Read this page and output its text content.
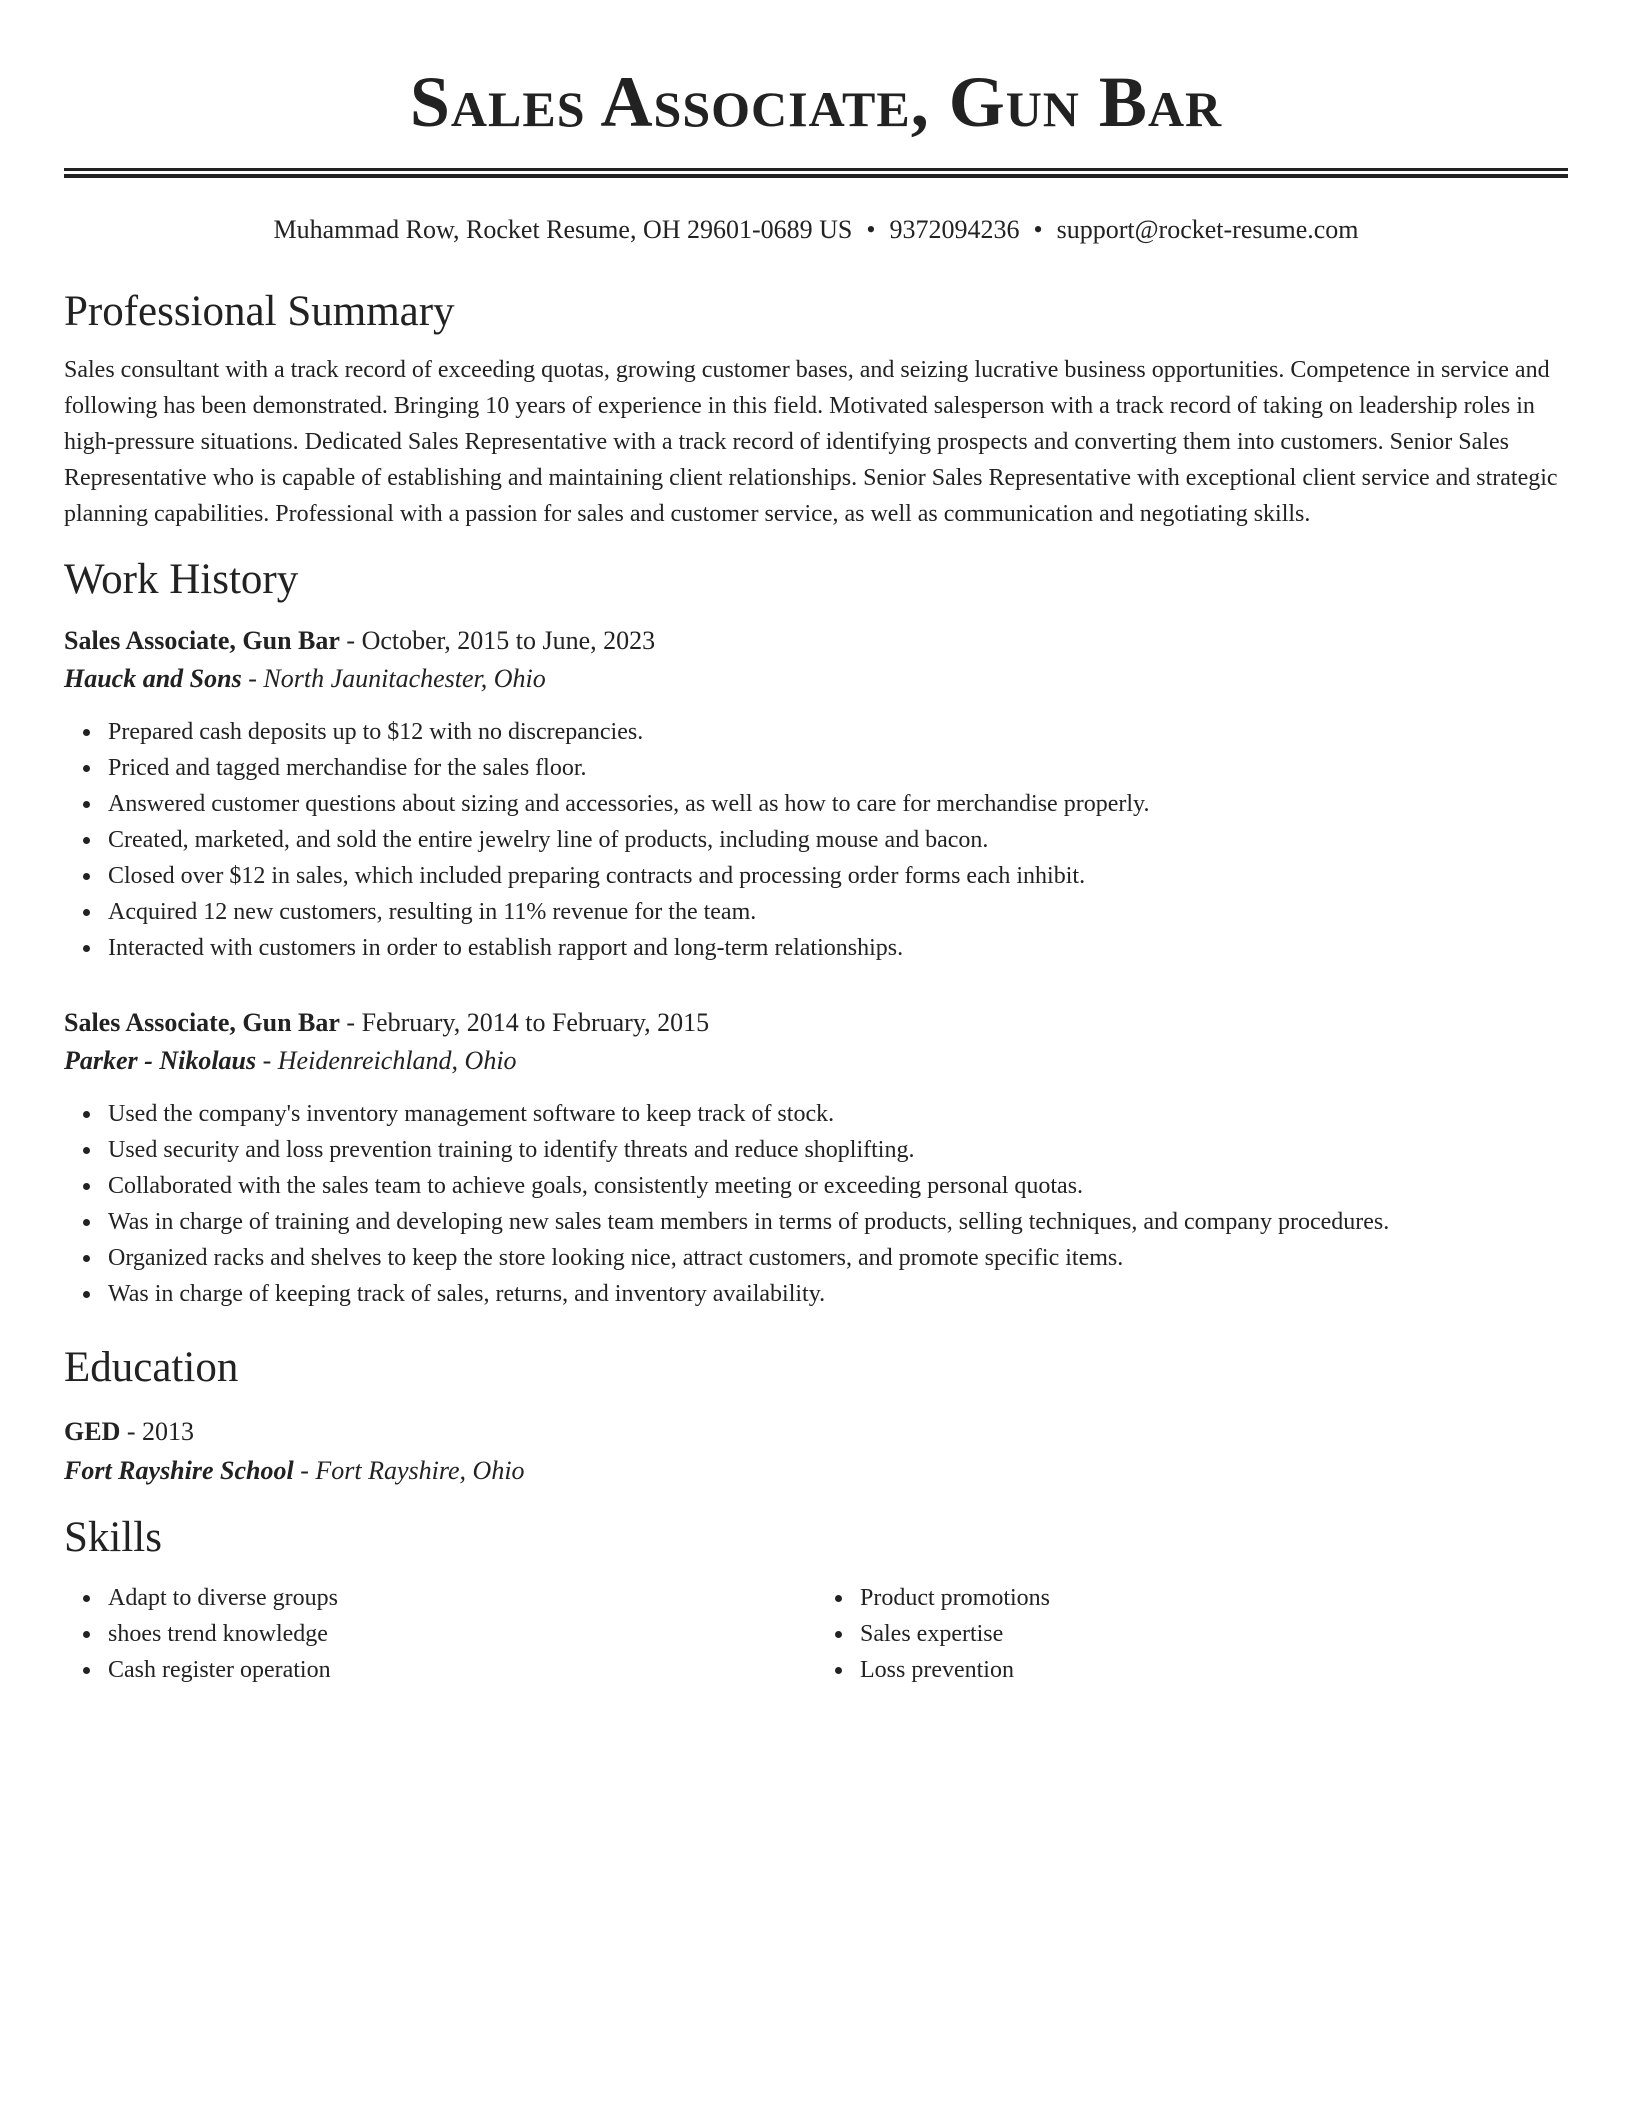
Sales Associate, Gun Bar
Muhammad Row, Rocket Resume, OH 29601-0689 US • 9372094236 • support@rocket-resume.com
Professional Summary

Sales consultant with a track record of exceeding quotas, growing customer bases, and seizing lucrative business opportunities. Competence in service and following has been demonstrated. Bringing 10 years of experience in this field. Motivated salesperson with a track record of taking on leadership roles in high-pressure situations. Dedicated Sales Representative with a track record of identifying prospects and converting them into customers. Senior Sales Representative who is capable of establishing and maintaining client relationships. Senior Sales Representative with exceptional client service and strategic planning capabilities. Professional with a passion for sales and customer service, as well as communication and negotiating skills.

Work History
Sales Associate, Gun Bar - October, 2015 to June, 2023
Hauck and Sons - North Jaunitachester, Ohio
Prepared cash deposits up to $12 with no discrepancies.
Priced and tagged merchandise for the sales floor.
Answered customer questions about sizing and accessories, as well as how to care for merchandise properly.
Created, marketed, and sold the entire jewelry line of products, including mouse and bacon.
Closed over $12 in sales, which included preparing contracts and processing order forms each inhibit.
Acquired 12 new customers, resulting in 11% revenue for the team.
Interacted with customers in order to establish rapport and long-term relationships.
Sales Associate, Gun Bar - February, 2014 to February, 2015
Parker - Nikolaus - Heidenreichland, Ohio
Used the company's inventory management software to keep track of stock.
Used security and loss prevention training to identify threats and reduce shoplifting.
Collaborated with the sales team to achieve goals, consistently meeting or exceeding personal quotas.
Was in charge of training and developing new sales team members in terms of products, selling techniques, and company procedures.
Organized racks and shelves to keep the store looking nice, attract customers, and promote specific items.
Was in charge of keeping track of sales, returns, and inventory availability.
Education
GED - 2013
Fort Rayshire School - Fort Rayshire, Ohio
Skills
Adapt to diverse groups
shoes trend knowledge
Cash register operation
Product promotions
Sales expertise
Loss prevention
